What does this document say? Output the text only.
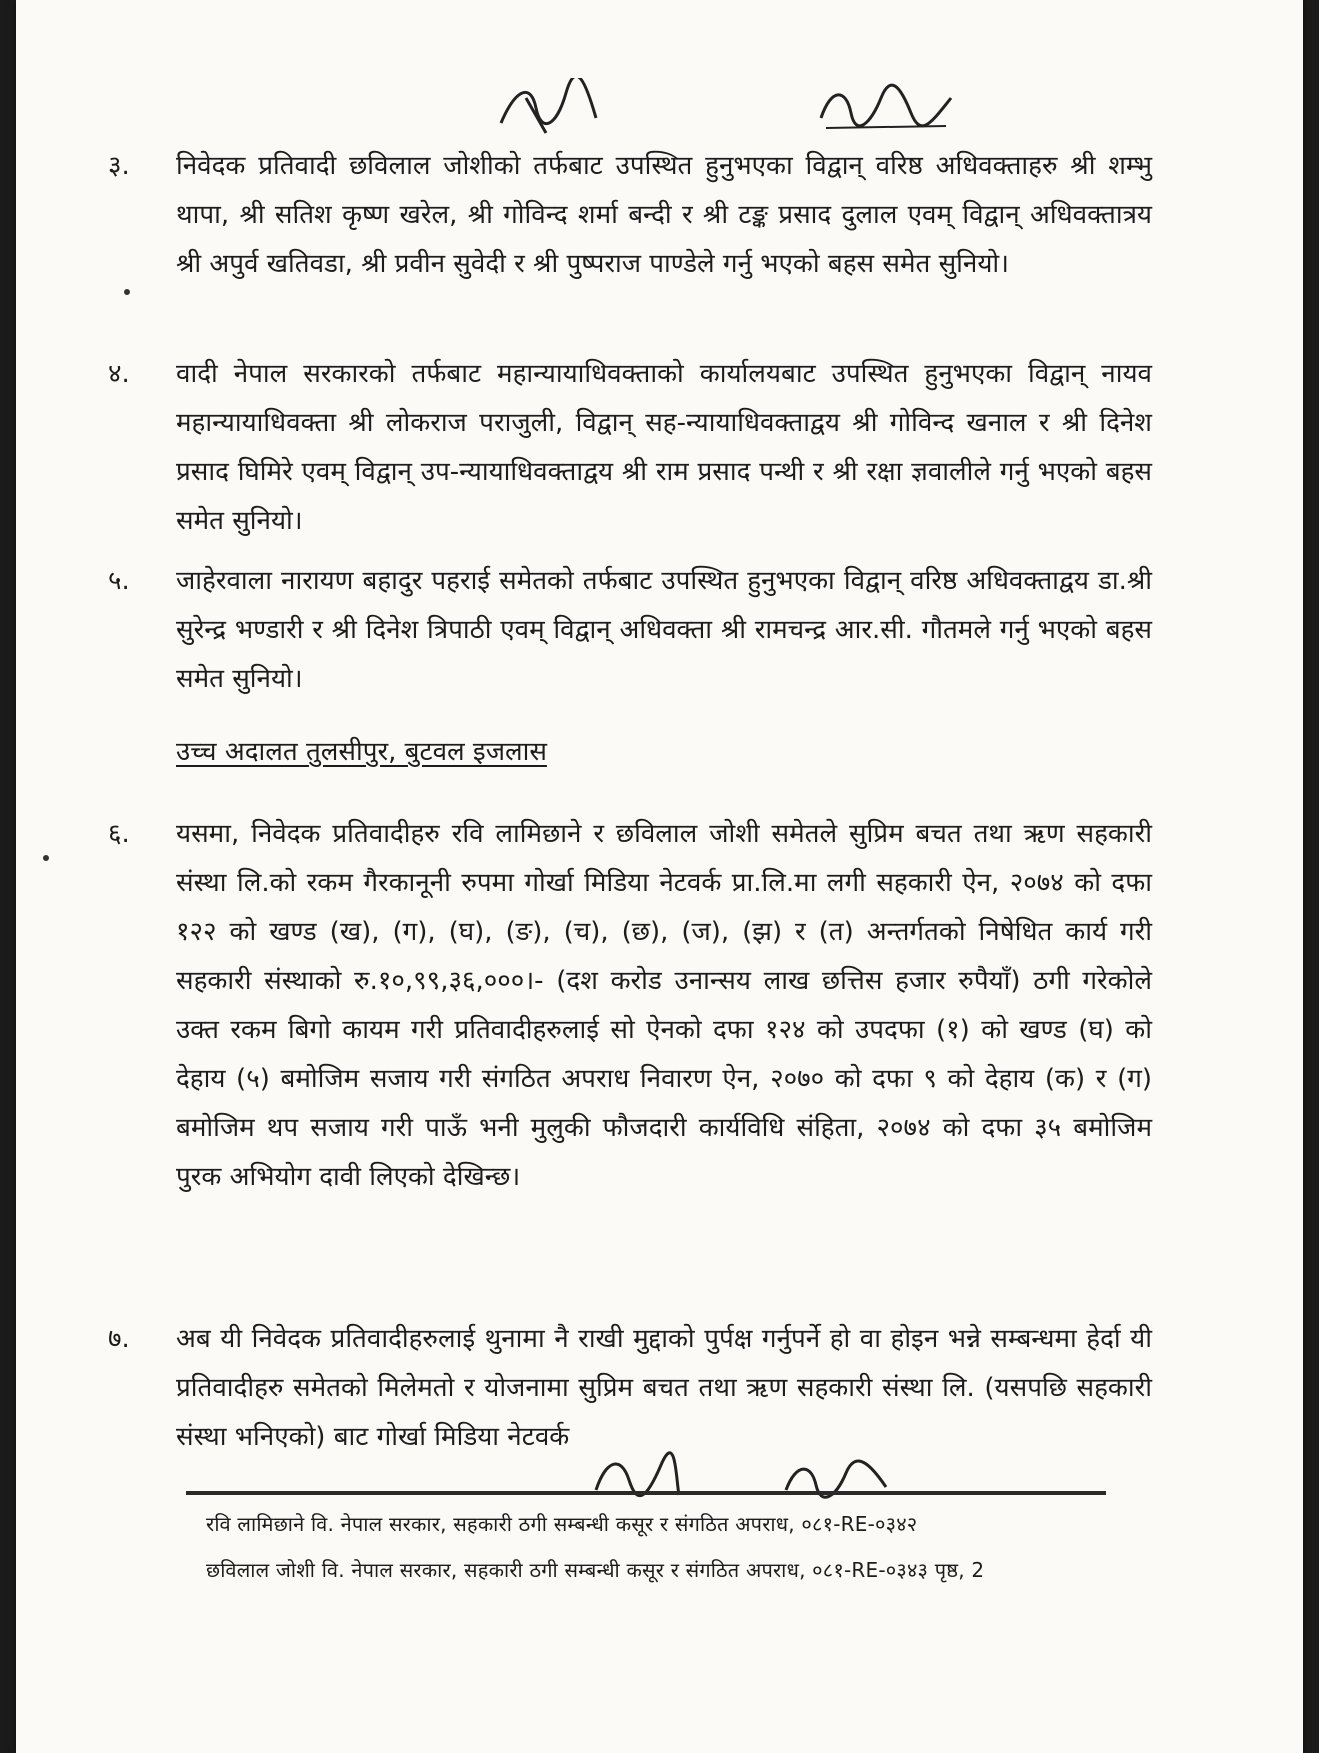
३. निवेदक प्रतिवादी छविलाल जोशीको तर्फबाट उपस्थित हुनुभएका विद्वान् वरिष्ठ अधिवक्ताहरु श्री शम्भु थापा, श्री सतिश कृष्ण खरेल, श्री गोविन्द शर्मा बन्दी र श्री टङ्क प्रसाद दुलाल एवम् विद्वान् अधिवक्तात्रय श्री अपुर्व खतिवडा, श्री प्रवीन सुवेदी र श्री पुष्पराज पाण्डेले गर्नु भएको बहस समेत सुनियो।
४. वादी नेपाल सरकारको तर्फबाट महान्यायाधिवक्ताको कार्यालयबाट उपस्थित हुनुभएका विद्वान् नायव महान्यायाधिवक्ता श्री लोकराज पराजुली, विद्वान् सह-न्यायाधिवक्ताद्वय श्री गोविन्द खनाल र श्री दिनेश प्रसाद घिमिरे एवम् विद्वान् उप-न्यायाधिवक्ताद्वय श्री राम प्रसाद पन्थी र श्री रक्षा ज्ञवालीले गर्नु भएको बहस समेत सुनियो।
५. जाहेरवाला नारायण बहादुर पहराई समेतको तर्फबाट उपस्थित हुनुभएका विद्वान् वरिष्ठ अधिवक्ताद्वय डा.श्री सुरेन्द्र भण्डारी र श्री दिनेश त्रिपाठी एवम् विद्वान् अधिवक्ता श्री रामचन्द्र आर.सी. गौतमले गर्नु भएको बहस समेत सुनियो।
उच्च अदालत तुलसीपुर, बुटवल इजलास
६. यसमा, निवेदक प्रतिवादीहरु रवि लामिछाने र छविलाल जोशी समेतले सुप्रिम बचत तथा ऋण सहकारी संस्था लि.को रकम गैरकानूनी रुपमा गोर्खा मिडिया नेटवर्क प्रा.लि.मा लगी सहकारी ऐन, २०७४ को दफा १२२ को खण्ड (ख), (ग), (घ), (ङ), (च), (छ), (ज), (झ) र (त) अन्तर्गतको निषेधित कार्य गरी सहकारी संस्थाको रु.१०,९९,३६,०००।- (दश करोड उनान्सय लाख छत्तिस हजार रुपैयाँ) ठगी गरेकोले उक्त रकम बिगो कायम गरी प्रतिवादीहरुलाई सो ऐनको दफा १२४ को उपदफा (१) को खण्ड (घ) को देहाय (५) बमोजिम सजाय गरी संगठित अपराध निवारण ऐन, २०७० को दफा ९ को देहाय (क) र (ग) बमोजिम थप सजाय गरी पाऊँ भनी मुलुकी फौजदारी कार्यविधि संहिता, २०७४ को दफा ३५ बमोजिम पुरक अभियोग दावी लिएको देखिन्छ।
७. अब यी निवेदक प्रतिवादीहरुलाई थुनामा नै राखी मुद्दाको पुर्पक्ष गर्नुपर्ने हो वा होइन भन्ने सम्बन्धमा हेर्दा यी प्रतिवादीहरु समेतको मिलेमतो र योजनामा सुप्रिम बचत तथा ऋण सहकारी संस्था लि. (यसपछि सहकारी संस्था भनिएको) बाट गोर्खा मिडिया नेटवर्क
रवि लामिछाने वि. नेपाल सरकार, सहकारी ठगी सम्बन्धी कसूर र संगठित अपराध, ०८१-RE-०३४२
छविलाल जोशी वि. नेपाल सरकार, सहकारी ठगी सम्बन्धी कसूर र संगठित अपराध, ०८१-RE-०३४३ पृष्ठ, 2
